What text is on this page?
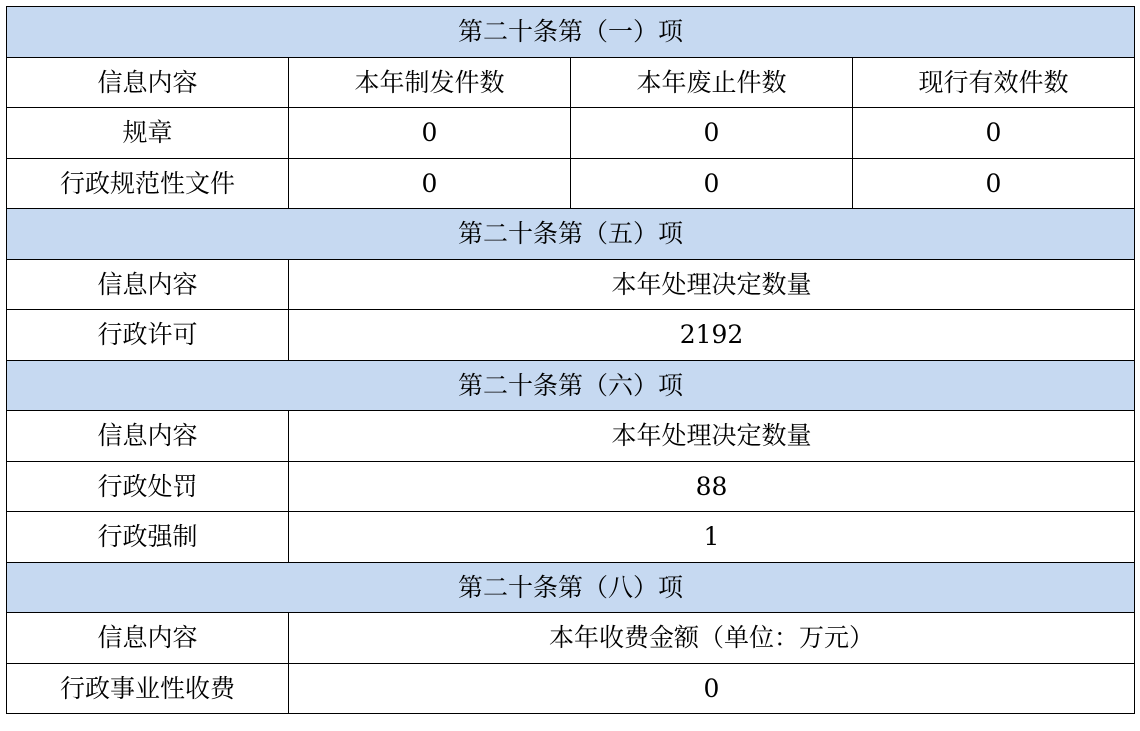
第二十条第（一）项			
信息内容	本年制发件数	本年废止件数	现行有效件数
规章	0	0	0
行政规范性文件	0	0	0
第二十条第（五）项			
信息内容	本年处理决定数量		
行政许可	2192		
第二十条第（六）项			
信息内容	本年处理决定数量		
行政处罚	88		
行政强制	1		
第二十条第（八）项			
信息内容	本年收费金额（单位：万元）		
行政事业性收费	0		
